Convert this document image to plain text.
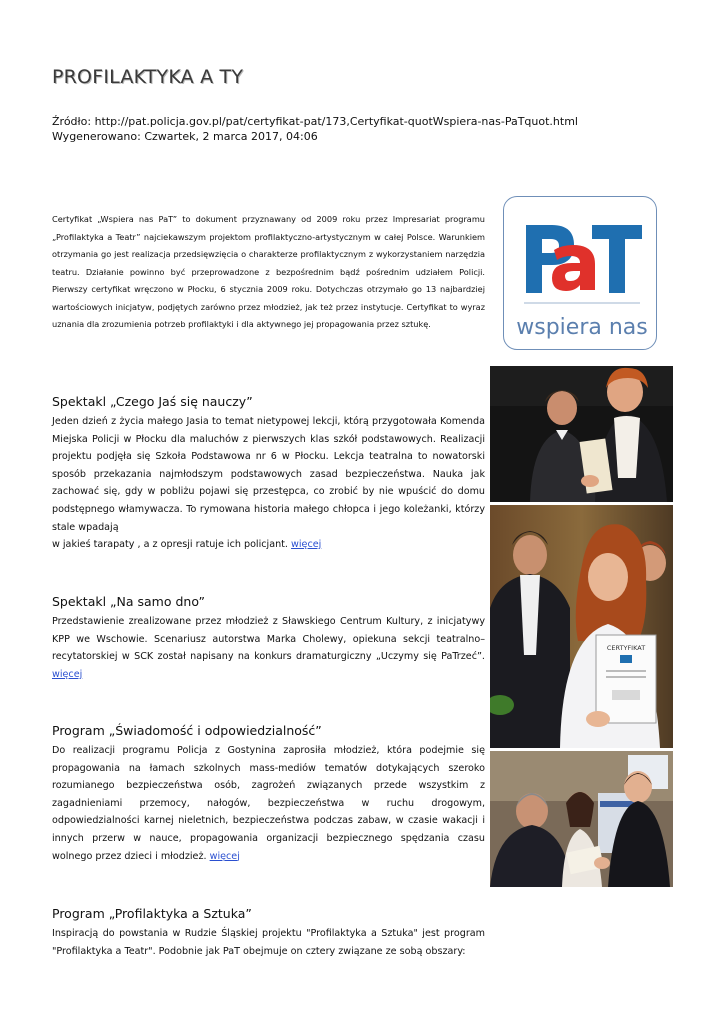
PROFILAKTYKA A TY
Źródło: http://pat.policja.gov.pl/pat/certyfikat-pat/173,Certyfikat-quotWspiera-nas-PaTquot.html
Wygenerowano: Czwartek, 2 marca 2017, 04:06
Certyfikat „Wspiera nas PaT” to dokument przyznawany od 2009 roku przez Impresariat programu „Profilaktyka a Teatr” najciekawszym projektom profilaktyczno-artystycznym w całej Polsce. Warunkiem otrzymania go jest realizacja przedsięwzięcia o charakterze profilaktycznym z wykorzystaniem narzędzia teatru. Działanie powinno być przeprowadzone z bezpośrednim bądź pośrednim udziałem Policji. Pierwszy certyfikat wręczono w Płocku, 6 stycznia 2009 roku. Dotychczas otrzymało go 13 najbardziej wartościowych inicjatyw, podjętych zarówno przez młodzież, jak też przez instytucje. Certyfikat to wyraz uznania dla zrozumienia potrzeb profilaktyki i dla aktywnego jej propagowania przez sztukę.	wspiera nas
Spektakl „Czego Jaś się nauczy”

Jeden dzień z życia małego Jasia to temat nietypowej lekcji, którą przygotowała Komenda Miejska Policji w Płocku dla maluchów z pierwszych klas szkół podstawowych. Realizacji projektu podjęła się Szkoła Podstawowa nr 6 w Płocku. Lekcja teatralna to nowatorski sposób przekazania najmłodszym podstawowych zasad bezpieczeństwa. Nauka jak zachować się, gdy w pobliżu pojawi się przestępca, co zrobić by nie wpuścić do domu podstępnego włamywacza. To rymowana historia małego chłopca i jego koleżanki, którzy stale wpadają
w jakieś tarapaty , a z opresji ratuje ich policjant. więcej

Spektakl „Na samo dno”

Przedstawienie zrealizowane przez młodzież z Sławskiego Centrum Kultury, z inicjatywy KPP we Wschowie. Scenariusz autorstwa Marka Cholewy, opiekuna sekcji teatralno–recytatorskiej w SCK został napisany na konkurs dramaturgiczny „Uczymy się PaTrzeć”. więcej

Program „Świadomość i odpowiedzialność”

Do realizacji programu Policja z Gostynina zaprosiła młodzież, która podejmie się propagowania na łamach szkolnych mass-mediów tematów dotykających szeroko rozumianego bezpieczeństwa osób, zagrożeń związanych przede wszystkim z zagadnieniami przemocy, nałogów, bezpieczeństwa w ruchu drogowym, odpowiedzialności karnej nieletnich, bezpieczeństwa podczas zabaw, w czasie wakacji i innych przerw w nauce, propagowania organizacji bezpiecznego spędzania czasu wolnego przez dzieci i młodzież. więcej

Program „Profilaktyka a Sztuka”

Inspiracją do powstania w Rudzie Śląskiej projektu "Profilaktyka a Sztuka" jest program "Profilaktyka a Teatr". Podobnie jak PaT obejmuje on cztery związane ze sobą obszary:

CERTYFIKAT
